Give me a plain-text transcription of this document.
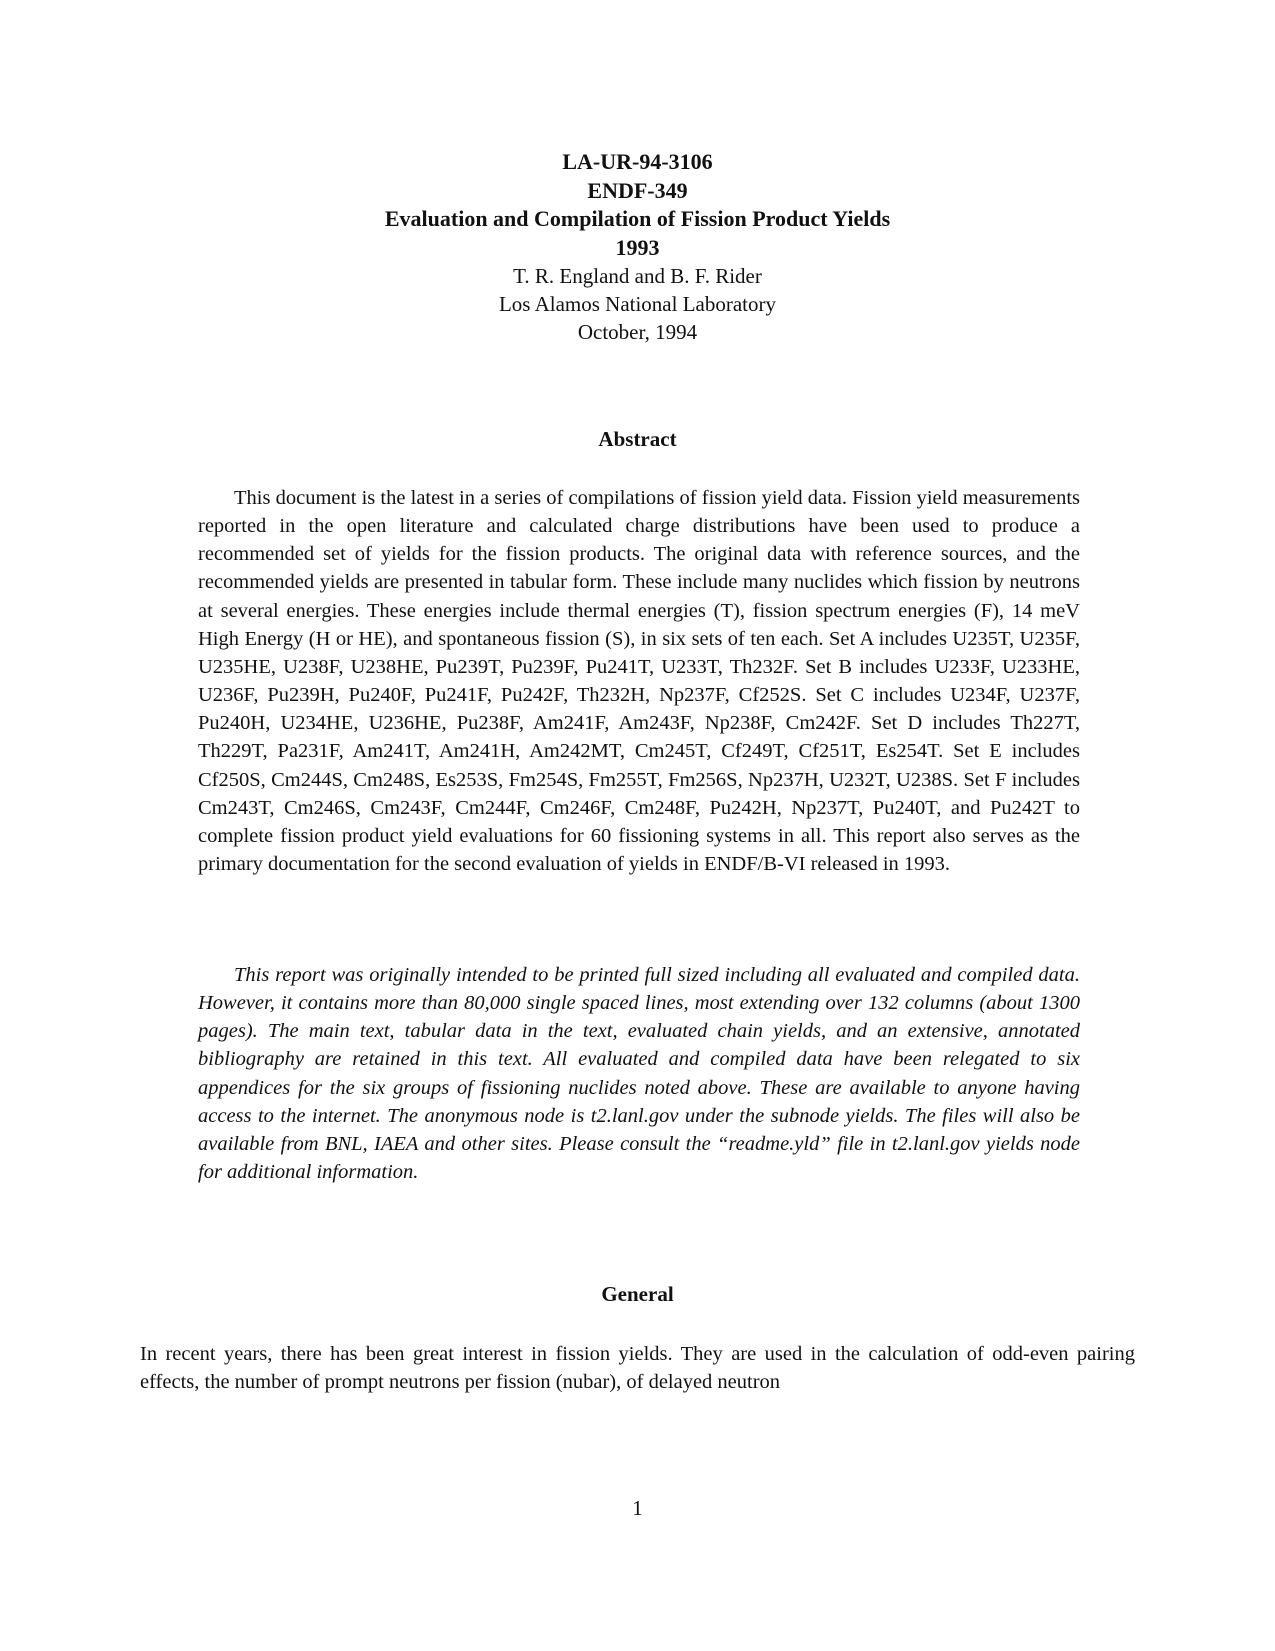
LA-UR-94-3106
ENDF-349
Evaluation and Compilation of Fission Product Yields
1993
T. R. England and B. F. Rider
Los Alamos National Laboratory
October, 1994
Abstract

This document is the latest in a series of compilations of fission yield data. Fission yield measurements reported in the open literature and calculated charge distributions have been used to produce a recommended set of yields for the fission products. The original data with reference sources, and the recommended yields are presented in tabular form. These include many nuclides which fission by neutrons at several energies. These energies include thermal energies (T), fission spectrum energies (F), 14 meV High Energy (H or HE), and spontaneous fission (S), in six sets of ten each. Set A includes U235T, U235F, U235HE, U238F, U238HE, Pu239T, Pu239F, Pu241T, U233T, Th232F. Set B includes U233F, U233HE, U236F, Pu239H, Pu240F, Pu241F, Pu242F, Th232H, Np237F, Cf252S. Set C includes U234F, U237F, Pu240H, U234HE, U236HE, Pu238F, Am241F, Am243F, Np238F, Cm242F. Set D includes Th227T, Th229T, Pa231F, Am241T, Am241H, Am242MT, Cm245T, Cf249T, Cf251T, Es254T. Set E includes Cf250S, Cm244S, Cm248S, Es253S, Fm254S, Fm255T, Fm256S, Np237H, U232T, U238S. Set F includes Cm243T, Cm246S, Cm243F, Cm244F, Cm246F, Cm248F, Pu242H, Np237T, Pu240T, and Pu242T to complete fission product yield evaluations for 60 fissioning systems in all. This report also serves as the primary documentation for the second evaluation of yields in ENDF/B-VI released in 1993.

This report was originally intended to be printed full sized including all evaluated and compiled data. However, it contains more than 80,000 single spaced lines, most extending over 132 columns (about 1300 pages). The main text, tabular data in the text, evaluated chain yields, and an extensive, annotated bibliography are retained in this text. All evaluated and compiled data have been relegated to six appendices for the six groups of fissioning nuclides noted above. These are available to anyone having access to the internet. The anonymous node is t2.lanl.gov under the subnode yields. The files will also be available from BNL, IAEA and other sites. Please consult the “readme.yld” file in t2.lanl.gov yields node for additional information.

General

In recent years, there has been great interest in fission yields. They are used in the calculation of odd-even pairing effects, the number of prompt neutrons per fission (nubar), of delayed neutron

1
